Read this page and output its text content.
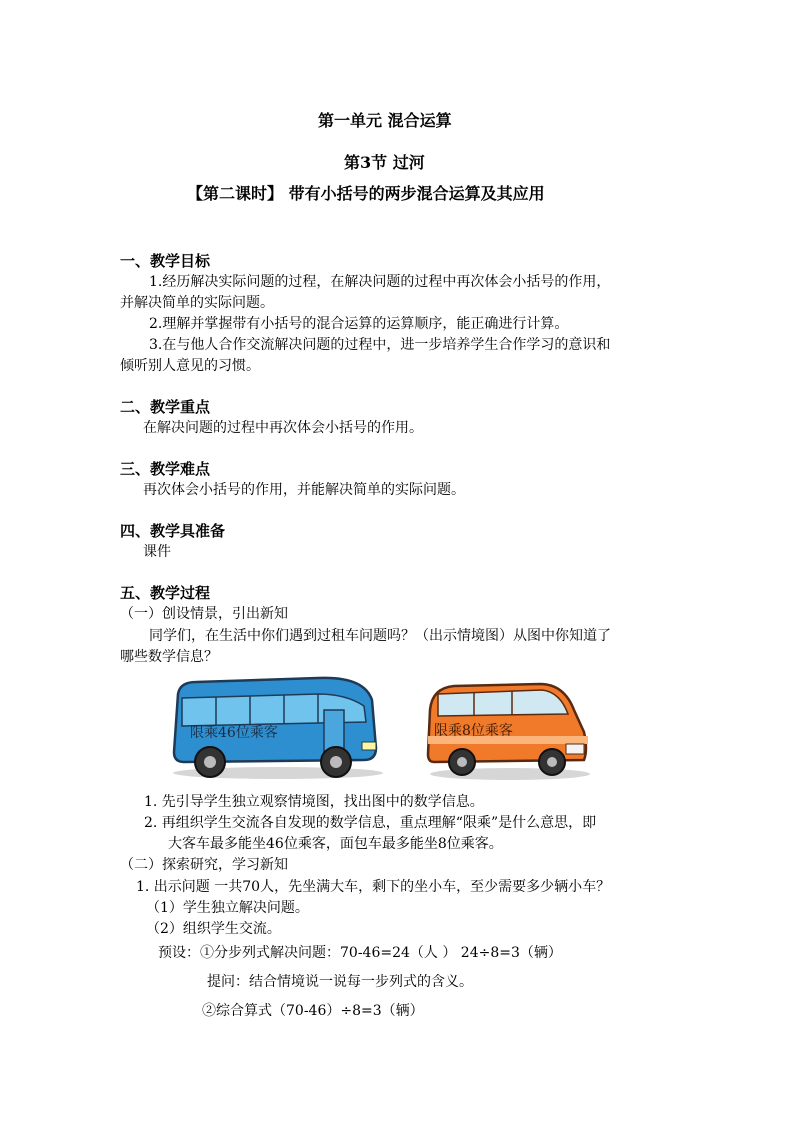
第一单元 混合运算
第3节 过河
【第二课时】 带有小括号的两步混合运算及其应用
一、教学目标
1.经历解决实际问题的过程，在解决问题的过程中再次体会小括号的作用，
并解决简单的实际问题。
2.理解并掌握带有小括号的混合运算的运算顺序，能正确进行计算。
3.在与他人合作交流解决问题的过程中，进一步培养学生合作学习的意识和
倾听别人意见的习惯。
二、教学重点
在解决问题的过程中再次体会小括号的作用。
三、教学难点
再次体会小括号的作用，并能解决简单的实际问题。
四、教学具准备
课件
五、教学过程
（一）创设情景，引出新知
同学们，在生活中你们遇到过租车问题吗？（出示情境图）从图中你知道了
哪些数学信息？
限乘46位乘客	限乘8位乘客
1. 先引导学生独立观察情境图，找出图中的数学信息。
2. 再组织学生交流各自发现的数学信息，重点理解“限乘”是什么意思，即
大客车最多能坐46位乘客，面包车最多能坐8位乘客。
（二）探索研究，学习新知
1. 出示问题 一共70人，先坐满大车，剩下的坐小车，至少需要多少辆小车？
（1）学生独立解决问题。
（2）组织学生交流。
预设：①分步列式解决问题：70-46=24（人 ） 24÷8=3（辆）
提问：结合情境说一说每一步列式的含义。
②综合算式（70-46）÷8=3（辆）
